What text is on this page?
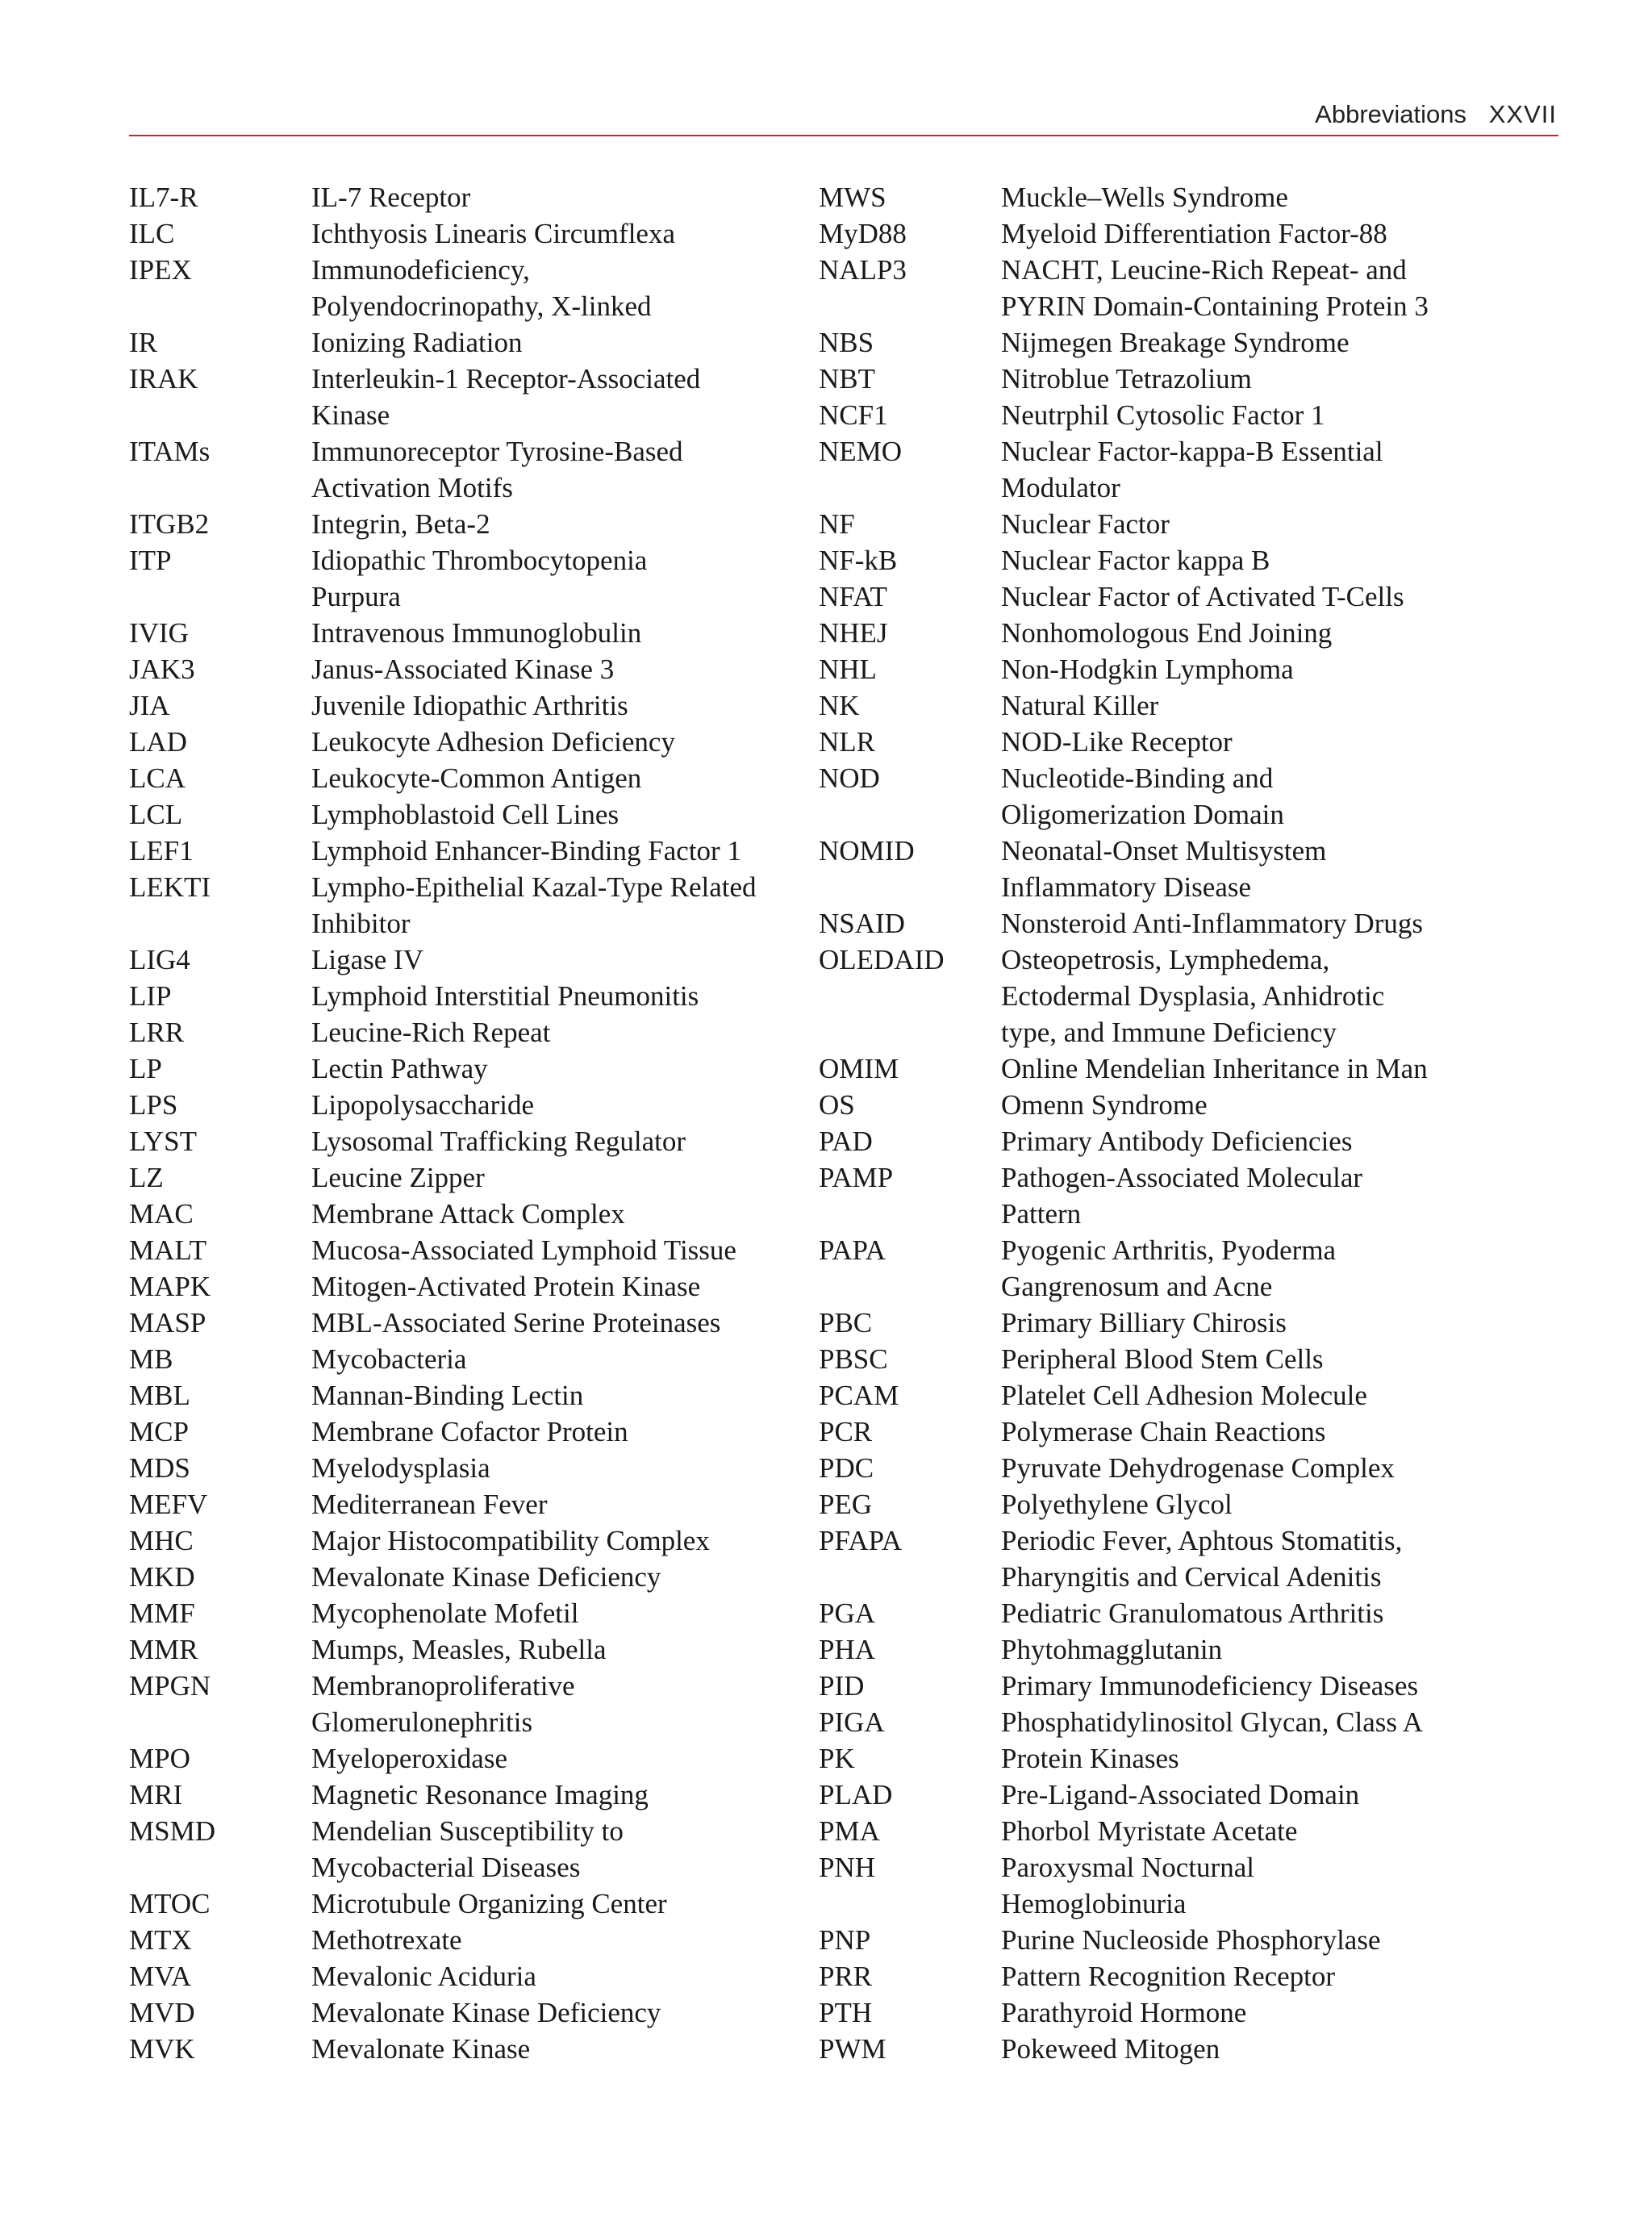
Abbreviations XXVII
IL7-R	IL-7 Receptor
ILC	Ichthyosis Linearis Circumflexa
IPEX	Immunodeficiency,
Polyendocrinopathy, X-linked
IR	Ionizing Radiation
IRAK	Interleukin-1 Receptor-Associated
Kinase
ITAMs	Immunoreceptor Tyrosine-Based
Activation Motifs
ITGB2	Integrin, Beta-2
ITP	Idiopathic Thrombocytopenia
Purpura
IVIG	Intravenous Immunoglobulin
JAK3	Janus-Associated Kinase 3
JIA	Juvenile Idiopathic Arthritis
LAD	Leukocyte Adhesion Deficiency
LCA	Leukocyte-Common Antigen
LCL	Lymphoblastoid Cell Lines
LEF1	Lymphoid Enhancer-Binding Factor 1
LEKTI	Lympho-Epithelial Kazal-Type Related
Inhibitor
LIG4	Ligase IV
LIP	Lymphoid Interstitial Pneumonitis
LRR	Leucine-Rich Repeat
LP	Lectin Pathway
LPS	Lipopolysaccharide
LYST	Lysosomal Trafficking Regulator
LZ	Leucine Zipper
MAC	Membrane Attack Complex
MALT	Mucosa-Associated Lymphoid Tissue
MAPK	Mitogen-Activated Protein Kinase
MASP	MBL-Associated Serine Proteinases
MB	Mycobacteria
MBL	Mannan-Binding Lectin
MCP	Membrane Cofactor Protein
MDS	Myelodysplasia
MEFV	Mediterranean Fever
MHC	Major Histocompatibility Complex
MKD	Mevalonate Kinase Deficiency
MMF	Mycophenolate Mofetil
MMR	Mumps, Measles, Rubella
MPGN	Membranoproliferative
Glomerulonephritis
MPO	Myeloperoxidase
MRI	Magnetic Resonance Imaging
MSMD	Mendelian Susceptibility to
Mycobacterial Diseases
MTOC	Microtubule Organizing Center
MTX	Methotrexate
MVA	Mevalonic Aciduria
MVD	Mevalonate Kinase Deficiency
MVK	Mevalonate Kinase
MWS	Muckle–Wells Syndrome
MyD88	Myeloid Differentiation Factor-88
NALP3	NACHT, Leucine-Rich Repeat- and
PYRIN Domain-Containing Protein 3
NBS	Nijmegen Breakage Syndrome
NBT	Nitroblue Tetrazolium
NCF1	Neutrphil Cytosolic Factor 1
NEMO	Nuclear Factor-kappa-B Essential
Modulator
NF	Nuclear Factor
NF-kB	Nuclear Factor kappa B
NFAT	Nuclear Factor of Activated T-Cells
NHEJ	Nonhomologous End Joining
NHL	Non-Hodgkin Lymphoma
NK	Natural Killer
NLR	NOD-Like Receptor
NOD	Nucleotide-Binding and
Oligomerization Domain
NOMID	Neonatal-Onset Multisystem
Inflammatory Disease
NSAID	Nonsteroid Anti-Inflammatory Drugs
OLEDAID	Osteopetrosis, Lymphedema,
Ectodermal Dysplasia, Anhidrotic
type, and Immune Deficiency
OMIM	Online Mendelian Inheritance in Man
OS	Omenn Syndrome
PAD	Primary Antibody Deficiencies
PAMP	Pathogen-Associated Molecular
Pattern
PAPA	Pyogenic Arthritis, Pyoderma
Gangrenosum and Acne
PBC	Primary Billiary Chirosis
PBSC	Peripheral Blood Stem Cells
PCAM	Platelet Cell Adhesion Molecule
PCR	Polymerase Chain Reactions
PDC	Pyruvate Dehydrogenase Complex
PEG	Polyethylene Glycol
PFAPA	Periodic Fever, Aphtous Stomatitis,
Pharyngitis and Cervical Adenitis
PGA	Pediatric Granulomatous Arthritis
PHA	Phytohmagglutanin
PID	Primary Immunodeficiency Diseases
PIGA	Phosphatidylinositol Glycan, Class A
PK	Protein Kinases
PLAD	Pre-Ligand-Associated Domain
PMA	Phorbol Myristate Acetate
PNH	Paroxysmal Nocturnal
Hemoglobinuria
PNP	Purine Nucleoside Phosphorylase
PRR	Pattern Recognition Receptor
PTH	Parathyroid Hormone
PWM	Pokeweed Mitogen
